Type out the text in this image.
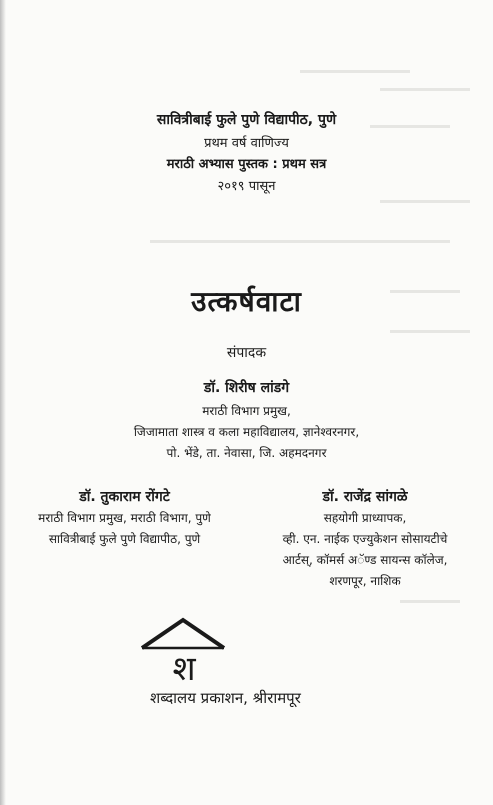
सावित्रीबाई फुले पुणे विद्यापीठ, पुणे
प्रथम वर्ष वाणिज्य
मराठी अभ्यास पुस्तक : प्रथम सत्र
२०१९ पासून
उत्कर्षवाटा
संपादक
डॉ. शिरीष लांडगे
मराठी विभाग प्रमुख,
जिजामाता शास्त्र व कला महाविद्यालय, ज्ञानेश्वरनगर,
पो. भेंडे, ता. नेवासा, जि. अहमदनगर
डॉ. तुकाराम रोंगटे
मराठी विभाग प्रमुख, मराठी विभाग, पुणे
सावित्रीबाई फुले पुणे विद्यापीठ, पुणे
डॉ. राजेंद्र सांगळे
सहयोगी प्राध्यापक,
व्ही. एन. नाईक एज्युकेशन सोसायटीचे
आर्टस्, कॉमर्स अॅण्ड सायन्स कॉलेज,
शरणपूर, नाशिक
श
शब्दालय प्रकाशन, श्रीरामपूर
